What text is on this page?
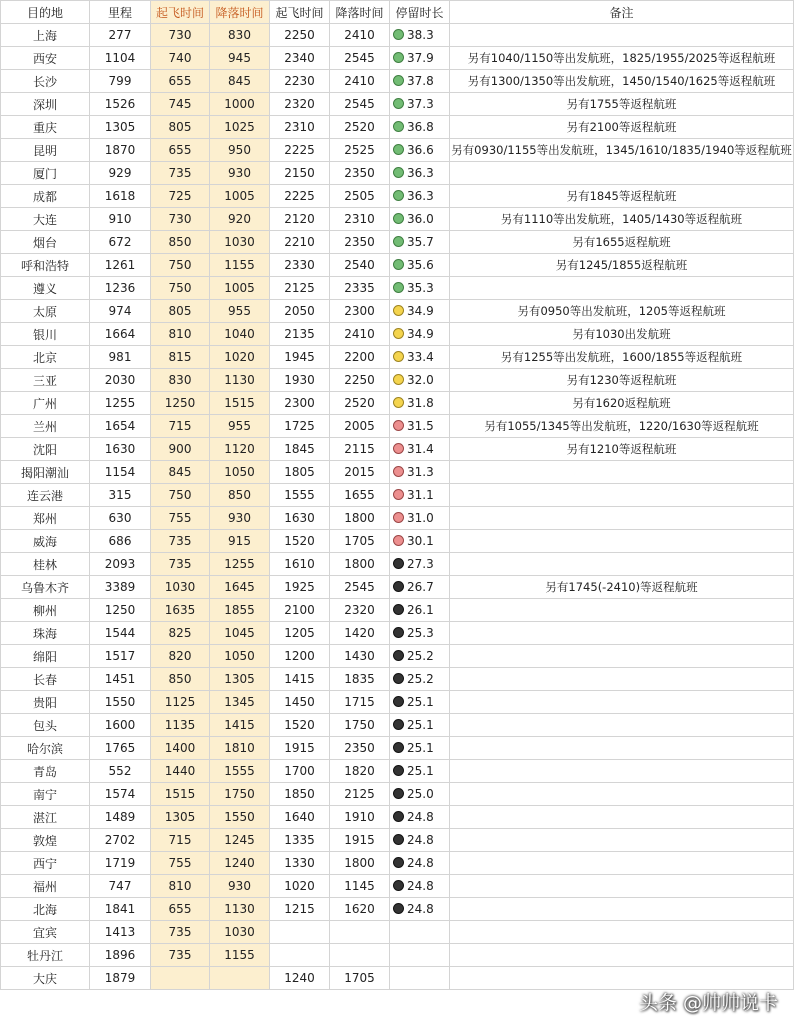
目的地	里程	起飞时间	降落时间	起飞时间	降落时间	停留时长	备注
上海	277	730	830	2250	2410	38.3	
西安	1104	740	945	2340	2545	37.9	另有1040/1150等出发航班，1825/1955/2025等返程航班
长沙	799	655	845	2230	2410	37.8	另有1300/1350等出发航班，1450/1540/1625等返程航班
深圳	1526	745	1000	2320	2545	37.3	另有1755等返程航班
重庆	1305	805	1025	2310	2520	36.8	另有2100等返程航班
昆明	1870	655	950	2225	2525	36.6	另有0930/1155等出发航班，1345/1610/1835/1940等返程航班
厦门	929	735	930	2150	2350	36.3	
成都	1618	725	1005	2225	2505	36.3	另有1845等返程航班
大连	910	730	920	2120	2310	36.0	另有1110等出发航班，1405/1430等返程航班
烟台	672	850	1030	2210	2350	35.7	另有1655返程航班
呼和浩特	1261	750	1155	2330	2540	35.6	另有1245/1855返程航班
遵义	1236	750	1005	2125	2335	35.3	
太原	974	805	955	2050	2300	34.9	另有0950等出发航班，1205等返程航班
银川	1664	810	1040	2135	2410	34.9	另有1030出发航班
北京	981	815	1020	1945	2200	33.4	另有1255等出发航班，1600/1855等返程航班
三亚	2030	830	1130	1930	2250	32.0	另有1230等返程航班
广州	1255	1250	1515	2300	2520	31.8	另有1620返程航班
兰州	1654	715	955	1725	2005	31.5	另有1055/1345等出发航班，1220/1630等返程航班
沈阳	1630	900	1120	1845	2115	31.4	另有1210等返程航班
揭阳潮汕	1154	845	1050	1805	2015	31.3	
连云港	315	750	850	1555	1655	31.1	
郑州	630	755	930	1630	1800	31.0	
威海	686	735	915	1520	1705	30.1	
桂林	2093	735	1255	1610	1800	27.3	
乌鲁木齐	3389	1030	1645	1925	2545	26.7	另有1745(-2410)等返程航班
柳州	1250	1635	1855	2100	2320	26.1	
珠海	1544	825	1045	1205	1420	25.3	
绵阳	1517	820	1050	1200	1430	25.2	
长春	1451	850	1305	1415	1835	25.2	
贵阳	1550	1125	1345	1450	1715	25.1	
包头	1600	1135	1415	1520	1750	25.1	
哈尔滨	1765	1400	1810	1915	2350	25.1	
青岛	552	1440	1555	1700	1820	25.1	
南宁	1574	1515	1750	1850	2125	25.0	
湛江	1489	1305	1550	1640	1910	24.8	
敦煌	2702	715	1245	1335	1915	24.8	
西宁	1719	755	1240	1330	1800	24.8	
福州	747	810	930	1020	1145	24.8	
北海	1841	655	1130	1215	1620	24.8	
宜宾	1413	735	1030				
牡丹江	1896	735	1155				
大庆	1879			1240	1705		
头条 @帅帅说卡
